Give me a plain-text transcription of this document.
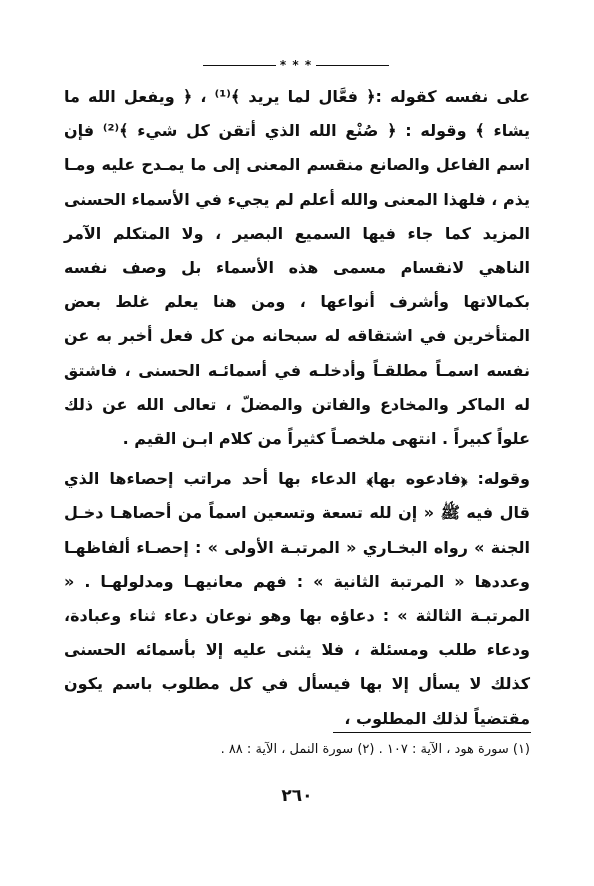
* * *

على نفسه كقوله :﴿ فعَّال لما يريد ﴾⁽¹⁾ ، ﴿ ويفعل الله ما يشاء ﴾ وقوله : ﴿ صُنْع الله الذي أتقن كل شيء ﴾⁽²⁾ فإن اسم الفاعل والصانع منقسم المعنى إلى ما يمـدح عليه ومـا يذم ، فلهذا المعنى والله أعلم لم يجيء في الأسماء الحسنى المزيد كما جاء فيها السميع البصير ، ولا المتكلم الآمر الناهي لانقسام مسمى هذه الأسماء بل وصف نفسه بكمالاتها وأشرف أنواعها ، ومن هنا يعلم غلط بعض المتأخرين في اشتقاقه له سبحانه من كل فعل أخبر به عن نفسه اسمـاً مطلقـاً وأدخلـه في أسمائـه الحسنى ، فاشتق له الماكر والمخادع والفاتن والمضلّ ، تعالى الله عن ذلك علواً كبيراً . انتهى ملخصـاً كثيراً من كلام ابـن القيم .

وقوله: ﴿فادعوه بها﴾ الدعاء بها أحد مراتب إحصاءها الذي قال فيه ﷺ « إن لله تسعة وتسعين اسماً من أحصاهـا دخـل الجنة » رواه البخـاري « المرتبـة الأولى » : إحصـاء ألفاظهـا وعددها « المرتبة الثانية » : فهم معانيهـا ومدلولهـا . « المرتبـة الثالثة » : دعاؤه بها وهو نوعان دعاء ثناء وعبادة، ودعاء طلب ومسئلة ، فلا يثنى عليه إلا بأسمائه الحسنى كذلك لا يسأل إلا بها فيسأل في كل مطلوب باسم يكون مقتضياً لذلك المطلوب ،

(١) سورة هود ، الآية : ١٠٧ . (٢) سورة النمل ، الآية : ٨٨ .
٢٦٠
